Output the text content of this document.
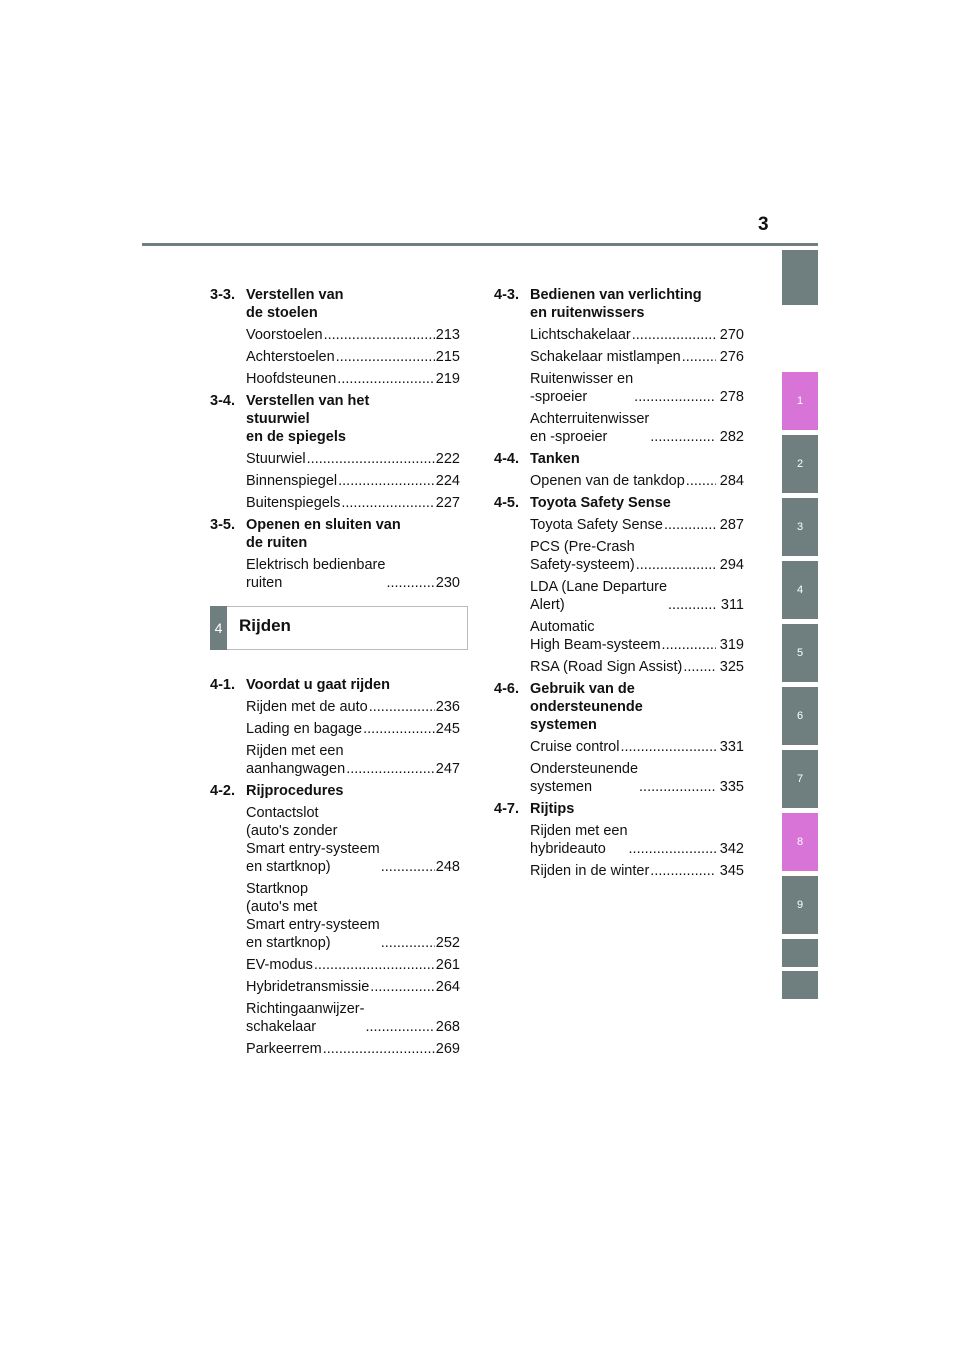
3
3-3. Verstellen van
de stoelen
Voorstoelen .....	213
Achterstoelen .....	215
Hoofdsteunen .....	219
3-4. Verstellen van het
stuurwiel
en de spiegels
Stuurwiel .....	222
Binnenspiegel .....	224
Buitenspiegels .....	227
3-5. Openen en sluiten van
de ruiten
Elektrisch bedienbare
ruiten .....	230
4 Rijden
4-1. Voordat u gaat rijden
Rijden met de auto .....	236
Lading en bagage .....	245
Rijden met een
aanhangwagen .....	247
4-2. Rijprocedures
Contactslot
(auto's zonder
Smart entry-systeem
en startknop) .....	248
Startknop
(auto's met
Smart entry-systeem
en startknop) .....	252
EV-modus .....	261
Hybridetransmissie .....	264
Richtingaanwijzer-
schakelaar .....	268
Parkeerrem .....	269
4-3. Bedienen van verlichting
en ruitenwissers
Lichtschakelaar .....	270
Schakelaar mistlampen .....	276
Ruitenwisser en
-sproeier .....	278
Achterruitenwisser
en -sproeier .....	282
4-4. Tanken
Openen van de tankdop ..... 284
4-5. Toyota Safety Sense
Toyota Safety Sense .....	287
PCS (Pre-Crash
Safety-systeem) .....	294
LDA (Lane Departure
Alert) .....	311
Automatic
High Beam-systeem .....	319
RSA (Road Sign Assist) .....	325
4-6. Gebruik van de
ondersteunende
systemen
Cruise control .....	331
Ondersteunende
systemen .....	335
4-7. Rijtips
Rijden met een
hybrideauto .....	342
Rijden in de winter .....	345
1
2
3
4
5
6
7
8
9
